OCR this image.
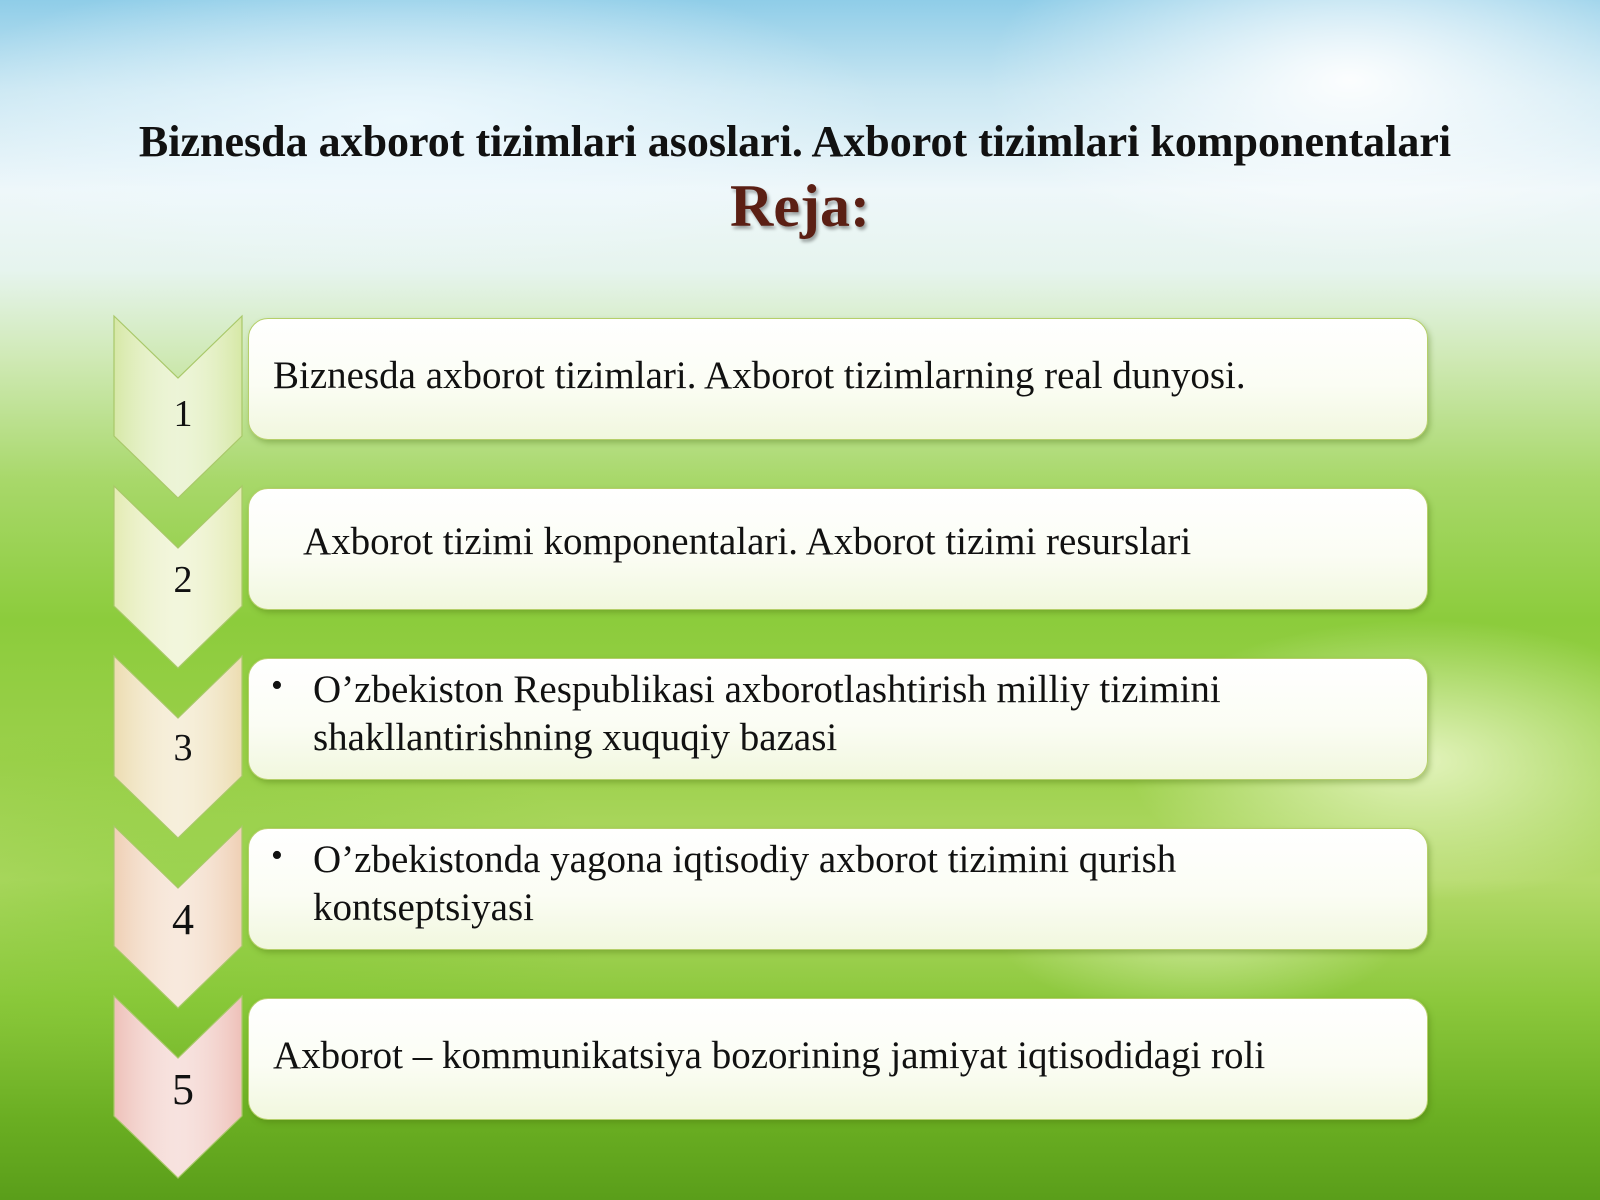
Biznesda axborot tizimlari asoslari. Axborot tizimlari komponentalari
Reja:
1
Biznesda axborot tizimlari. Axborot tizimlarning real dunyosi.
2
Axborot tizimi komponentalari. Axborot tizimi resurslari
3
• O’zbekiston Respublikasi axborotlashtirish milliy tizimini
shakllantirishning xuquqiy bazasi
4
• O’zbekistonda yagona iqtisodiy axborot tizimini qurish
kontseptsiyasi
5
Axborot – kommunikatsiya bozorining jamiyat iqtisodidagi roli
